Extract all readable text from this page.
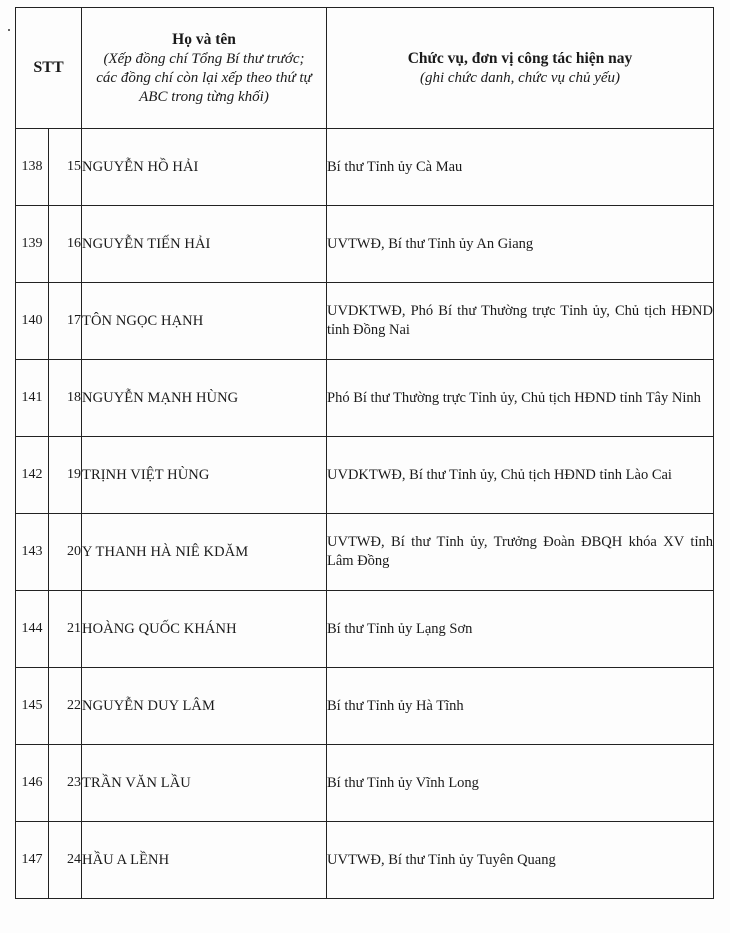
STT		Họ và tên
(Xếp đồng chí Tổng Bí thư trước;
các đồng chí còn lại xếp theo thứ tự
ABC trong từng khối)	Chức vụ, đơn vị công tác hiện nay
(ghi chức danh, chức vụ chủ yếu)

138	15	NGUYỄN HỒ HẢI	Bí thư Tỉnh ủy Cà Mau
139	16	NGUYỄN TIẾN HẢI	UVTWĐ, Bí thư Tỉnh ủy An Giang
140	17	TÔN NGỌC HẠNH	UVDKTWĐ, Phó Bí thư Thường trực Tỉnh ủy, Chủ tịch HĐND tỉnh Đồng Nai
141	18	NGUYỄN MẠNH HÙNG	Phó Bí thư Thường trực Tỉnh ủy, Chủ tịch HĐND tỉnh Tây Ninh
142	19	TRỊNH VIỆT HÙNG	UVDKTWĐ, Bí thư Tỉnh ủy, Chủ tịch HĐND tỉnh Lào Cai
143	20	Y THANH HÀ NIÊ KDĂM	UVTWĐ, Bí thư Tỉnh ủy, Trưởng Đoàn ĐBQH khóa XV tỉnh Lâm Đồng
144	21	HOÀNG QUỐC KHÁNH	Bí thư Tỉnh ủy Lạng Sơn
145	22	NGUYỄN DUY LÂM	Bí thư Tỉnh ủy Hà Tĩnh
146	23	TRẦN VĂN LẦU	Bí thư Tỉnh ủy Vĩnh Long
147	24	HẦU A LỀNH	UVTWĐ, Bí thư Tỉnh ủy Tuyên Quang
